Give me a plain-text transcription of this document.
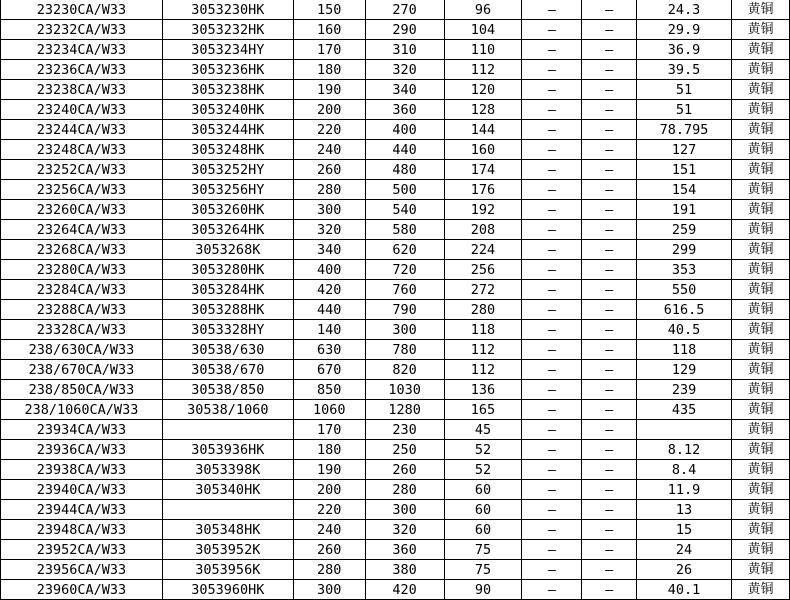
23230CA/W33	3053230HK	150	270	96	—	—	24.3	黄铜
23232CA/W33	3053232HK	160	290	104	—	—	29.9	黄铜
23234CA/W33	3053234HY	170	310	110	—	—	36.9	黄铜
23236CA/W33	3053236HK	180	320	112	—	—	39.5	黄铜
23238CA/W33	3053238HK	190	340	120	—	—	51	黄铜
23240CA/W33	3053240HK	200	360	128	—	—	51	黄铜
23244CA/W33	3053244HK	220	400	144	—	—	78.795	黄铜
23248CA/W33	3053248HK	240	440	160	—	—	127	黄铜
23252CA/W33	3053252HY	260	480	174	—	—	151	黄铜
23256CA/W33	3053256HY	280	500	176	—	—	154	黄铜
23260CA/W33	3053260HK	300	540	192	—	—	191	黄铜
23264CA/W33	3053264HK	320	580	208	—	—	259	黄铜
23268CA/W33	3053268K	340	620	224	—	—	299	黄铜
23280CA/W33	3053280HK	400	720	256	—	—	353	黄铜
23284CA/W33	3053284HK	420	760	272	—	—	550	黄铜
23288CA/W33	3053288HK	440	790	280	—	—	616.5	黄铜
23328CA/W33	3053328HY	140	300	118	—	—	40.5	黄铜
238/630CA/W33	30538/630	630	780	112	—	—	118	黄铜
238/670CA/W33	30538/670	670	820	112	—	—	129	黄铜
238/850CA/W33	30538/850	850	1030	136	—	—	239	黄铜
238/1060CA/W33	30538/1060	1060	1280	165	—	—	435	黄铜
23934CA/W33		170	230	45	—	—		黄铜
23936CA/W33	3053936HK	180	250	52	—	—	8.12	黄铜
23938CA/W33	3053398K	190	260	52	—	—	8.4	黄铜
23940CA/W33	305340HK	200	280	60	—	—	11.9	黄铜
23944CA/W33		220	300	60	—	—	13	黄铜
23948CA/W33	305348HK	240	320	60	—	—	15	黄铜
23952CA/W33	3053952K	260	360	75	—	—	24	黄铜
23956CA/W33	3053956K	280	380	75	—	—	26	黄铜
23960CA/W33	3053960HK	300	420	90	—	—	40.1	黄铜
